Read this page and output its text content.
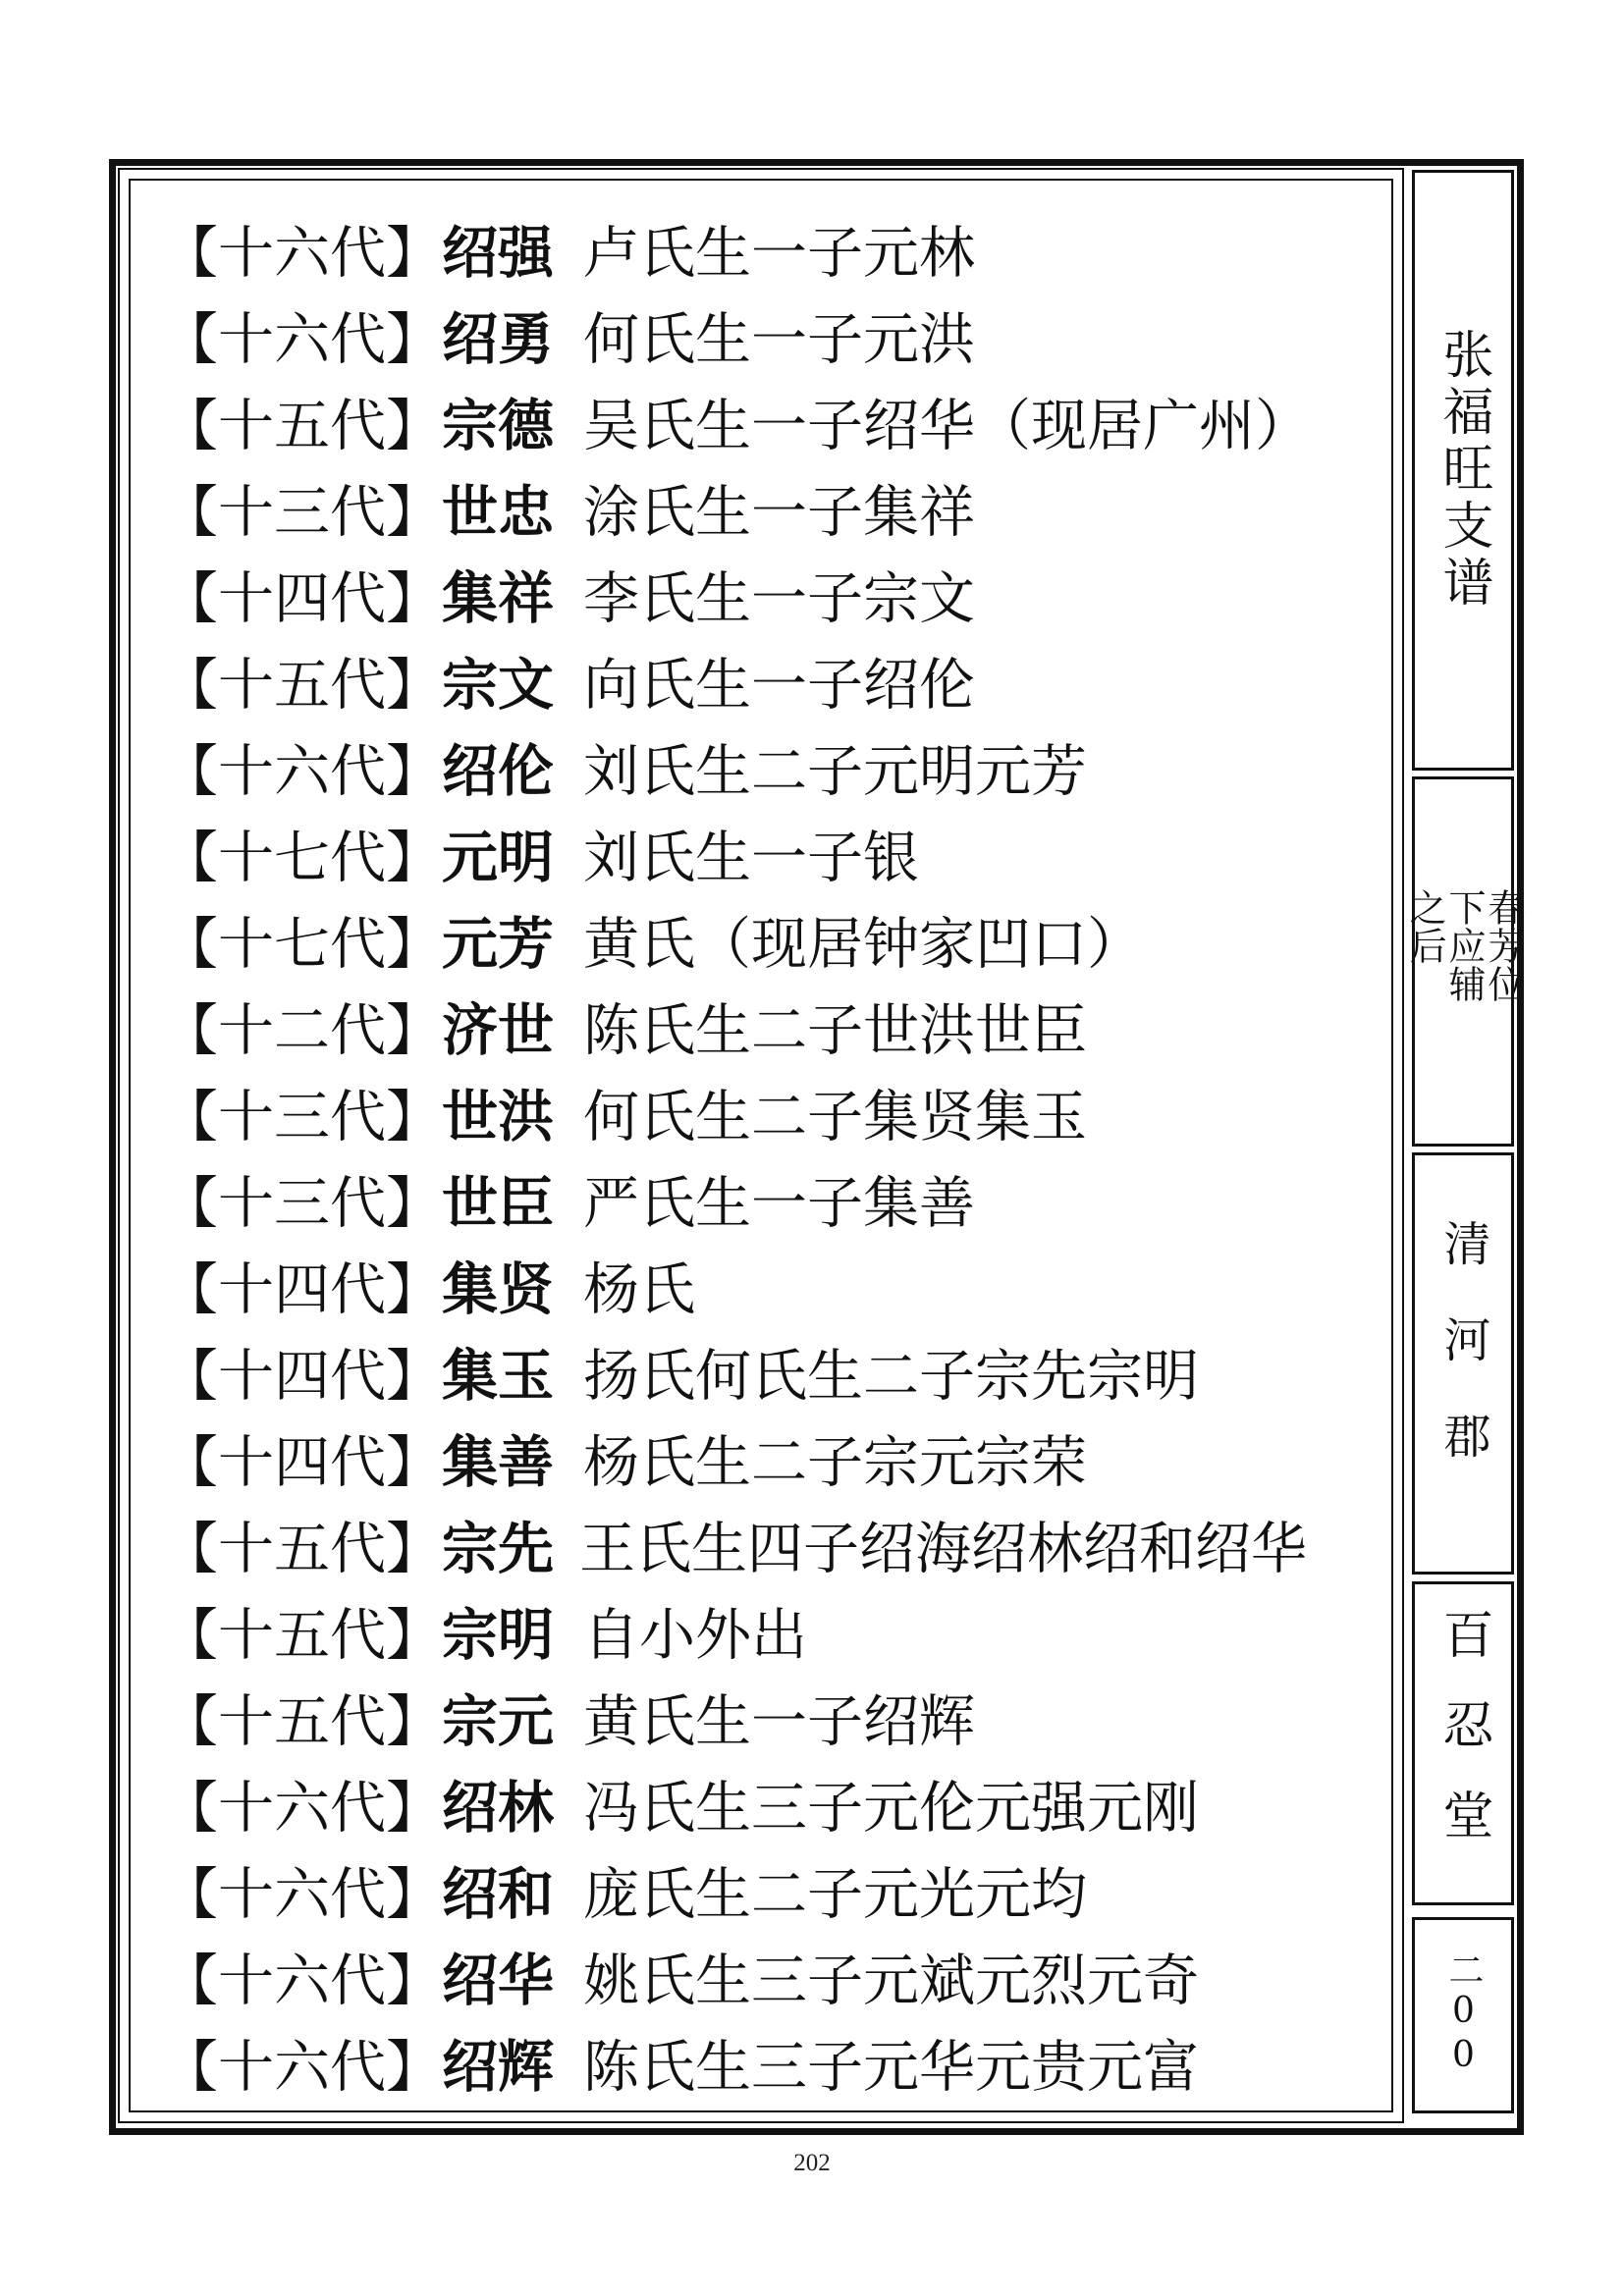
张福旺支谱
春芳位下应辅之后
清河郡
百忍堂
二00
【十六代】 绍强 卢氏生一子元林
【十六代】 绍勇 何氏生一子元洪
【十五代】 宗德 吴氏生一子绍华（现居广州）
【十三代】 世忠 涂氏生一子集祥
【十四代】 集祥 李氏生一子宗文
【十五代】 宗文 向氏生一子绍伦
【十六代】 绍伦 刘氏生二子元明元芳
【十七代】 元明 刘氏生一子银
【十七代】 元芳 黄氏（现居钟家凹口）
【十二代】 济世 陈氏生二子世洪世臣
【十三代】 世洪 何氏生二子集贤集玉
【十三代】 世臣 严氏生一子集善
【十四代】 集贤 杨氏
【十四代】 集玉 扬氏何氏生二子宗先宗明
【十四代】 集善 杨氏生二子宗元宗荣
【十五代】 宗先 王氏生四子绍海绍林绍和绍华
【十五代】 宗明 自小外出
【十五代】 宗元 黄氏生一子绍辉
【十六代】 绍林 冯氏生三子元伦元强元刚
【十六代】 绍和 庞氏生二子元光元均
【十六代】 绍华 姚氏生三子元斌元烈元奇
【十六代】 绍辉 陈氏生三子元华元贵元富
202
